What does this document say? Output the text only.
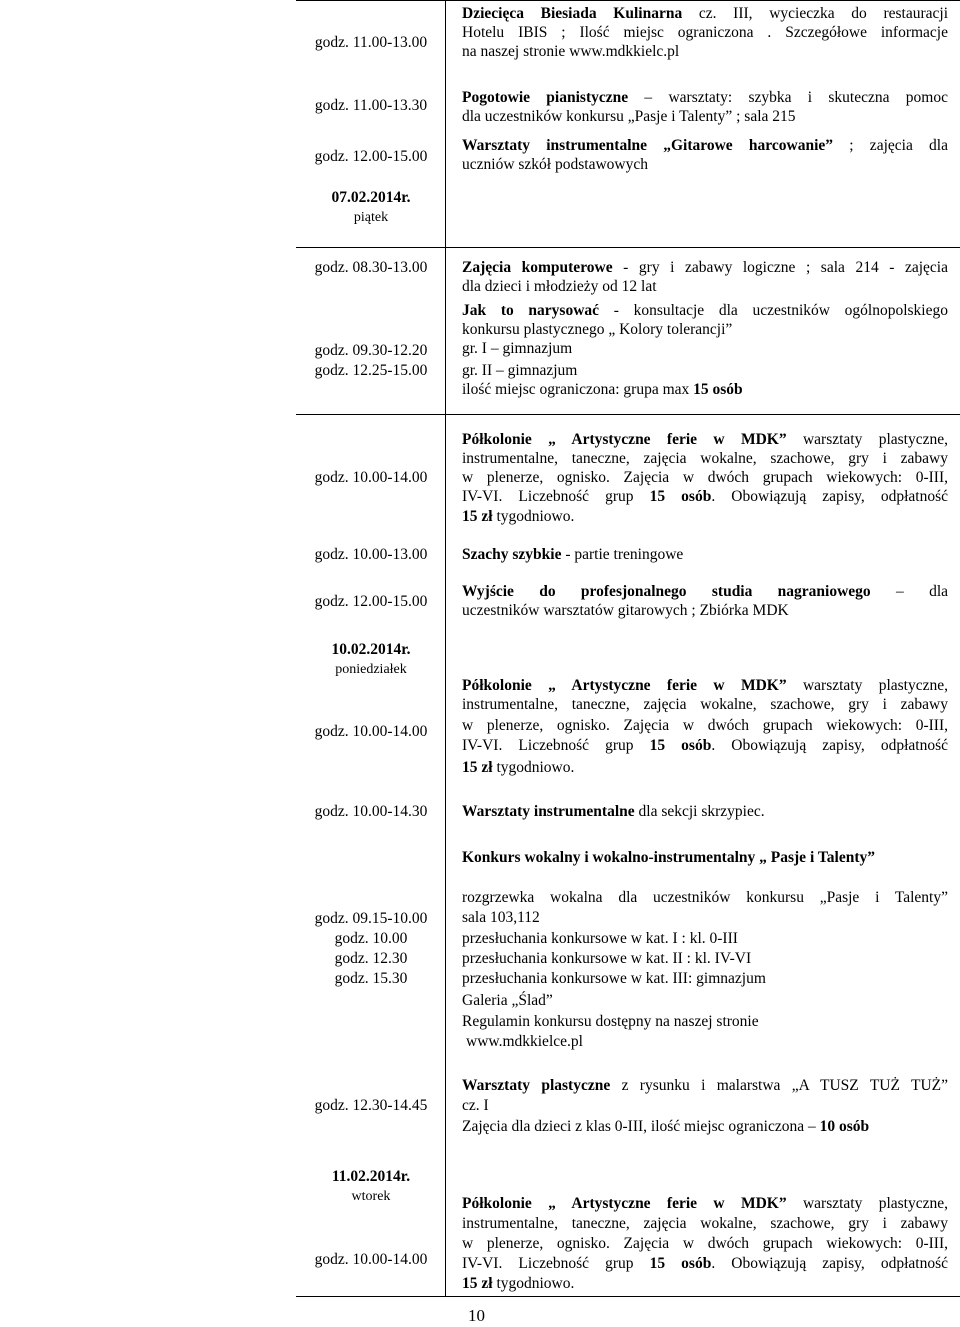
godz. 11.00-13.00
godz. 11.00-13.30
godz. 12.00-15.00
07.02.2014r.
piątek
godz. 08.30-13.00
godz. 09.30-12.20
godz. 12.25-15.00
godz. 10.00-14.00
godz. 10.00-13.00
godz. 12.00-15.00
10.02.2014r.
poniedziałek
godz. 10.00-14.00
godz. 10.00-14.30
godz. 09.15-10.00
godz. 10.00
godz. 12.30
godz. 15.30
godz. 12.30-14.45
11.02.2014r.
wtorek
godz. 10.00-14.00
Dziecięca Biesiada Kulinarna cz. III, wycieczka do restauracji
Hotelu IBIS ; Ilość miejsc ograniczona . Szczegółowe informacje
na naszej stronie www.mdkkielc.pl
Pogotowie pianistyczne – warsztaty: szybka i skuteczna pomoc
dla uczestników konkursu „Pasje i Talenty” ; sala 215
Warsztaty instrumentalne „Gitarowe harcowanie” ; zajęcia dla
uczniów szkół podstawowych
Zajęcia komputerowe - gry i zabawy logiczne ; sala 214 - zajęcia
dla dzieci i młodzieży od 12 lat
Jak to narysować - konsultacje dla uczestników ogólnopolskiego
konkursu plastycznego „ Kolory tolerancji”
gr. I – gimnazjum
gr. II – gimnazjum
ilość miejsc ograniczona: grupa max 15 osób
Półkolonie „ Artystyczne ferie w MDK” warsztaty plastyczne,
instrumentalne, taneczne, zajęcia wokalne, szachowe, gry i zabawy
w plenerze, ognisko. Zajęcia w dwóch grupach wiekowych: 0-III,
IV-VI. Liczebność grup 15 osób. Obowiązują zapisy, odpłatność
15 zł tygodniowo.
Szachy szybkie - partie treningowe
Wyjście do profesjonalnego studia nagraniowego – dla
uczestników warsztatów gitarowych ; Zbiórka MDK
Półkolonie „ Artystyczne ferie w MDK” warsztaty plastyczne,
instrumentalne, taneczne, zajęcia wokalne, szachowe, gry i zabawy
w plenerze, ognisko. Zajęcia w dwóch grupach wiekowych: 0-III,
IV-VI. Liczebność grup 15 osób. Obowiązują zapisy, odpłatność
15 zł tygodniowo.
Warsztaty instrumentalne dla sekcji skrzypiec.
Konkurs wokalny i wokalno-instrumentalny „ Pasje i Talenty”
rozgrzewka wokalna dla uczestników konkursu „Pasje i Talenty”
sala 103,112
przesłuchania konkursowe w kat. I : kl. 0-III
przesłuchania konkursowe w kat. II : kl. IV-VI
przesłuchania konkursowe w kat. III: gimnazjum
Galeria „Ślad”
Regulamin konkursu dostępny na naszej stronie
www.mdkkielce.pl
Warsztaty plastyczne z rysunku i malarstwa „A TUSZ TUŻ TUŻ”
cz. I
Zajęcia dla dzieci z klas 0-III, ilość miejsc ograniczona – 10 osób
Półkolonie „ Artystyczne ferie w MDK” warsztaty plastyczne,
instrumentalne, taneczne, zajęcia wokalne, szachowe, gry i zabawy
w plenerze, ognisko. Zajęcia w dwóch grupach wiekowych: 0-III,
IV-VI. Liczebność grup 15 osób. Obowiązują zapisy, odpłatność
15 zł tygodniowo.
10
